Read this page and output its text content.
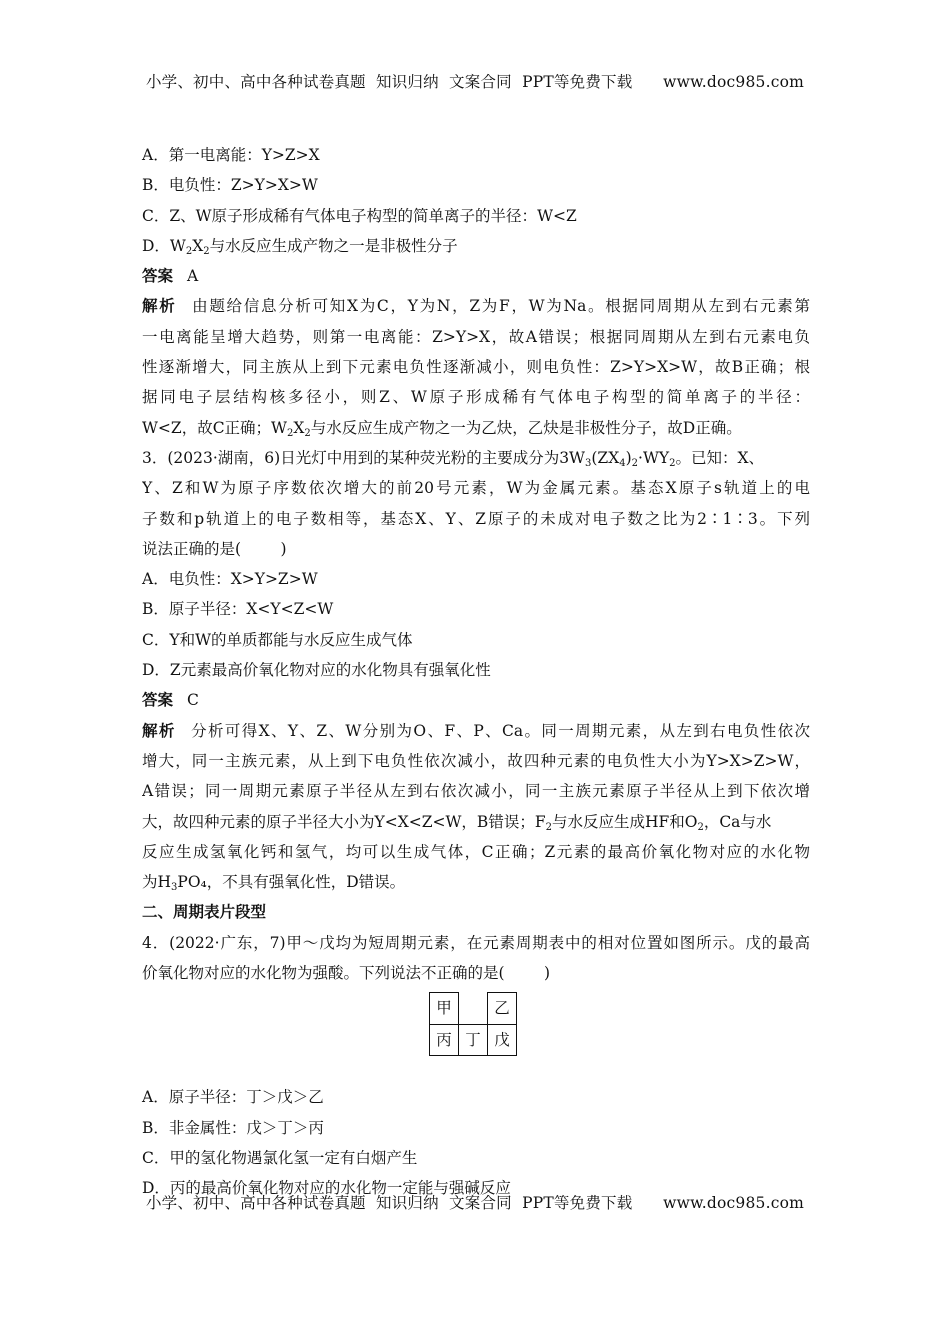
小学、初中、高中各种试卷真题  知识归纳  文案合同  PPT等免费下载      www.doc985.com
A．第一电离能：Y>Z>X
B．电负性：Z>Y>X>W
C．Z、W原子形成稀有气体电子构型的简单离子的半径：W<Z
D．$W_2X_2$与水反应生成产物之一是非极性分子
答案 A
解析 由题给信息分析可知X为C，Y为N，Z为F，W为Na。根据同周期从左到右元素第
一电离能呈增大趋势，则第一电离能：Z>Y>X，故A错误；根据同周期从左到右元素电负
性逐渐增大，同主族从上到下元素电负性逐渐减小，则电负性：Z>Y>X>W，故B正确；根
据同电子层结构核多径小，则Z、W原子形成稀有气体电子构型的简单离子的半径：
W<Z，故C正确；$W_2X_2$与水反应生成产物之一为乙炔，乙炔是非极性分子，故D正确。
3．(2023·湖南，6)日光灯中用到的某种荧光粉的主要成分为$3W_3(ZX_4)_2\cdot WY_2$。已知：X、
Y、Z和W为原子序数依次增大的前20号元素，W为金属元素。基态X原子s轨道上的电
子数和p轨道上的电子数相等，基态X、Y、Z原子的未成对电子数之比为2∶1∶3。下列
说法正确的是(        )
A．电负性：X>Y>Z>W
B．原子半径：X<Y<Z<W
C．Y和W的单质都能与水反应生成气体
D．Z元素最高价氧化物对应的水化物具有强氧化性
答案 C
解析 分析可得X、Y、Z、W分别为O、F、P、Ca。同一周期元素，从左到右电负性依次
增大，同一主族元素，从上到下电负性依次减小，故四种元素的电负性大小为Y>X>Z>W，
A错误；同一周期元素原子半径从左到右依次减小，同一主族元素原子半径从上到下依次增
大，故四种元素的原子半径大小为Y<X<Z<W，B错误；$F_2$与水反应生成HF和$O_2$，Ca与水
反应生成氢氧化钙和氢气，均可以生成气体，C正确；Z元素的最高价氧化物对应的水化物
为$H_3PO_4$，不具有强氧化性，D错误。
二、周期表片段型
4．(2022·广东，7)甲～戊均为短周期元素，在元素周期表中的相对位置如图所示。戊的最高
价氧化物对应的水化物为强酸。下列说法不正确的是(        )
甲		乙
丙	丁	戊
A．原子半径：丁＞戊＞乙
B．非金属性：戊＞丁＞丙
C．甲的氢化物遇氯化氢一定有白烟产生
D．丙的最高价氧化物对应的水化物一定能与强碱反应
小学、初中、高中各种试卷真题  知识归纳  文案合同  PPT等免费下载      www.doc985.com
